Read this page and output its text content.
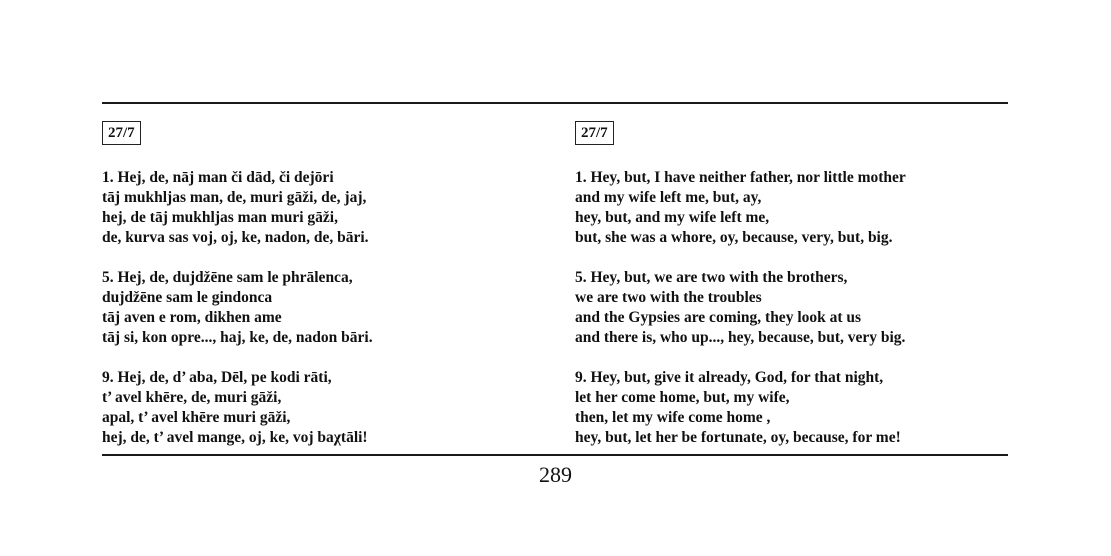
27/7
1. Hej, de, nāj man či dād, či dejōri
tāj mukhljas man, de, muri gāži, de, jaj,
hej, de tāj mukhljas man muri gāži,
de, kurva sas voj, oj, ke, nadon, de, bāri.
5. Hej, de, dujdžēne sam le phrālenca,
dujdžēne sam le gindonca
tāj aven e rom, dikhen ame
tāj si, kon opre..., haj, ke, de, nadon bāri.
9. Hej, de, d’ aba, Dēl, pe kodi rāti,
t’ avel khēre, de, muri gāži,
apal, t’ avel khēre muri gāži,
hej, de, t’ avel mange, oj, ke, voj baχtāli!
27/7
1. Hey, but, I have neither father, nor little mother
and my wife left me, but, ay,
hey, but, and my wife left me,
but, she was a whore, oy, because, very, but, big.
5. Hey, but, we are two with the brothers,
we are two with the troubles
and the Gypsies are coming, they look at us
and there is, who up..., hey, because, but, very big.
9. Hey, but, give it already, God, for that night,
let her come home, but, my wife,
then, let my wife come home ,
hey, but, let her be fortunate, oy, because, for me!
289
